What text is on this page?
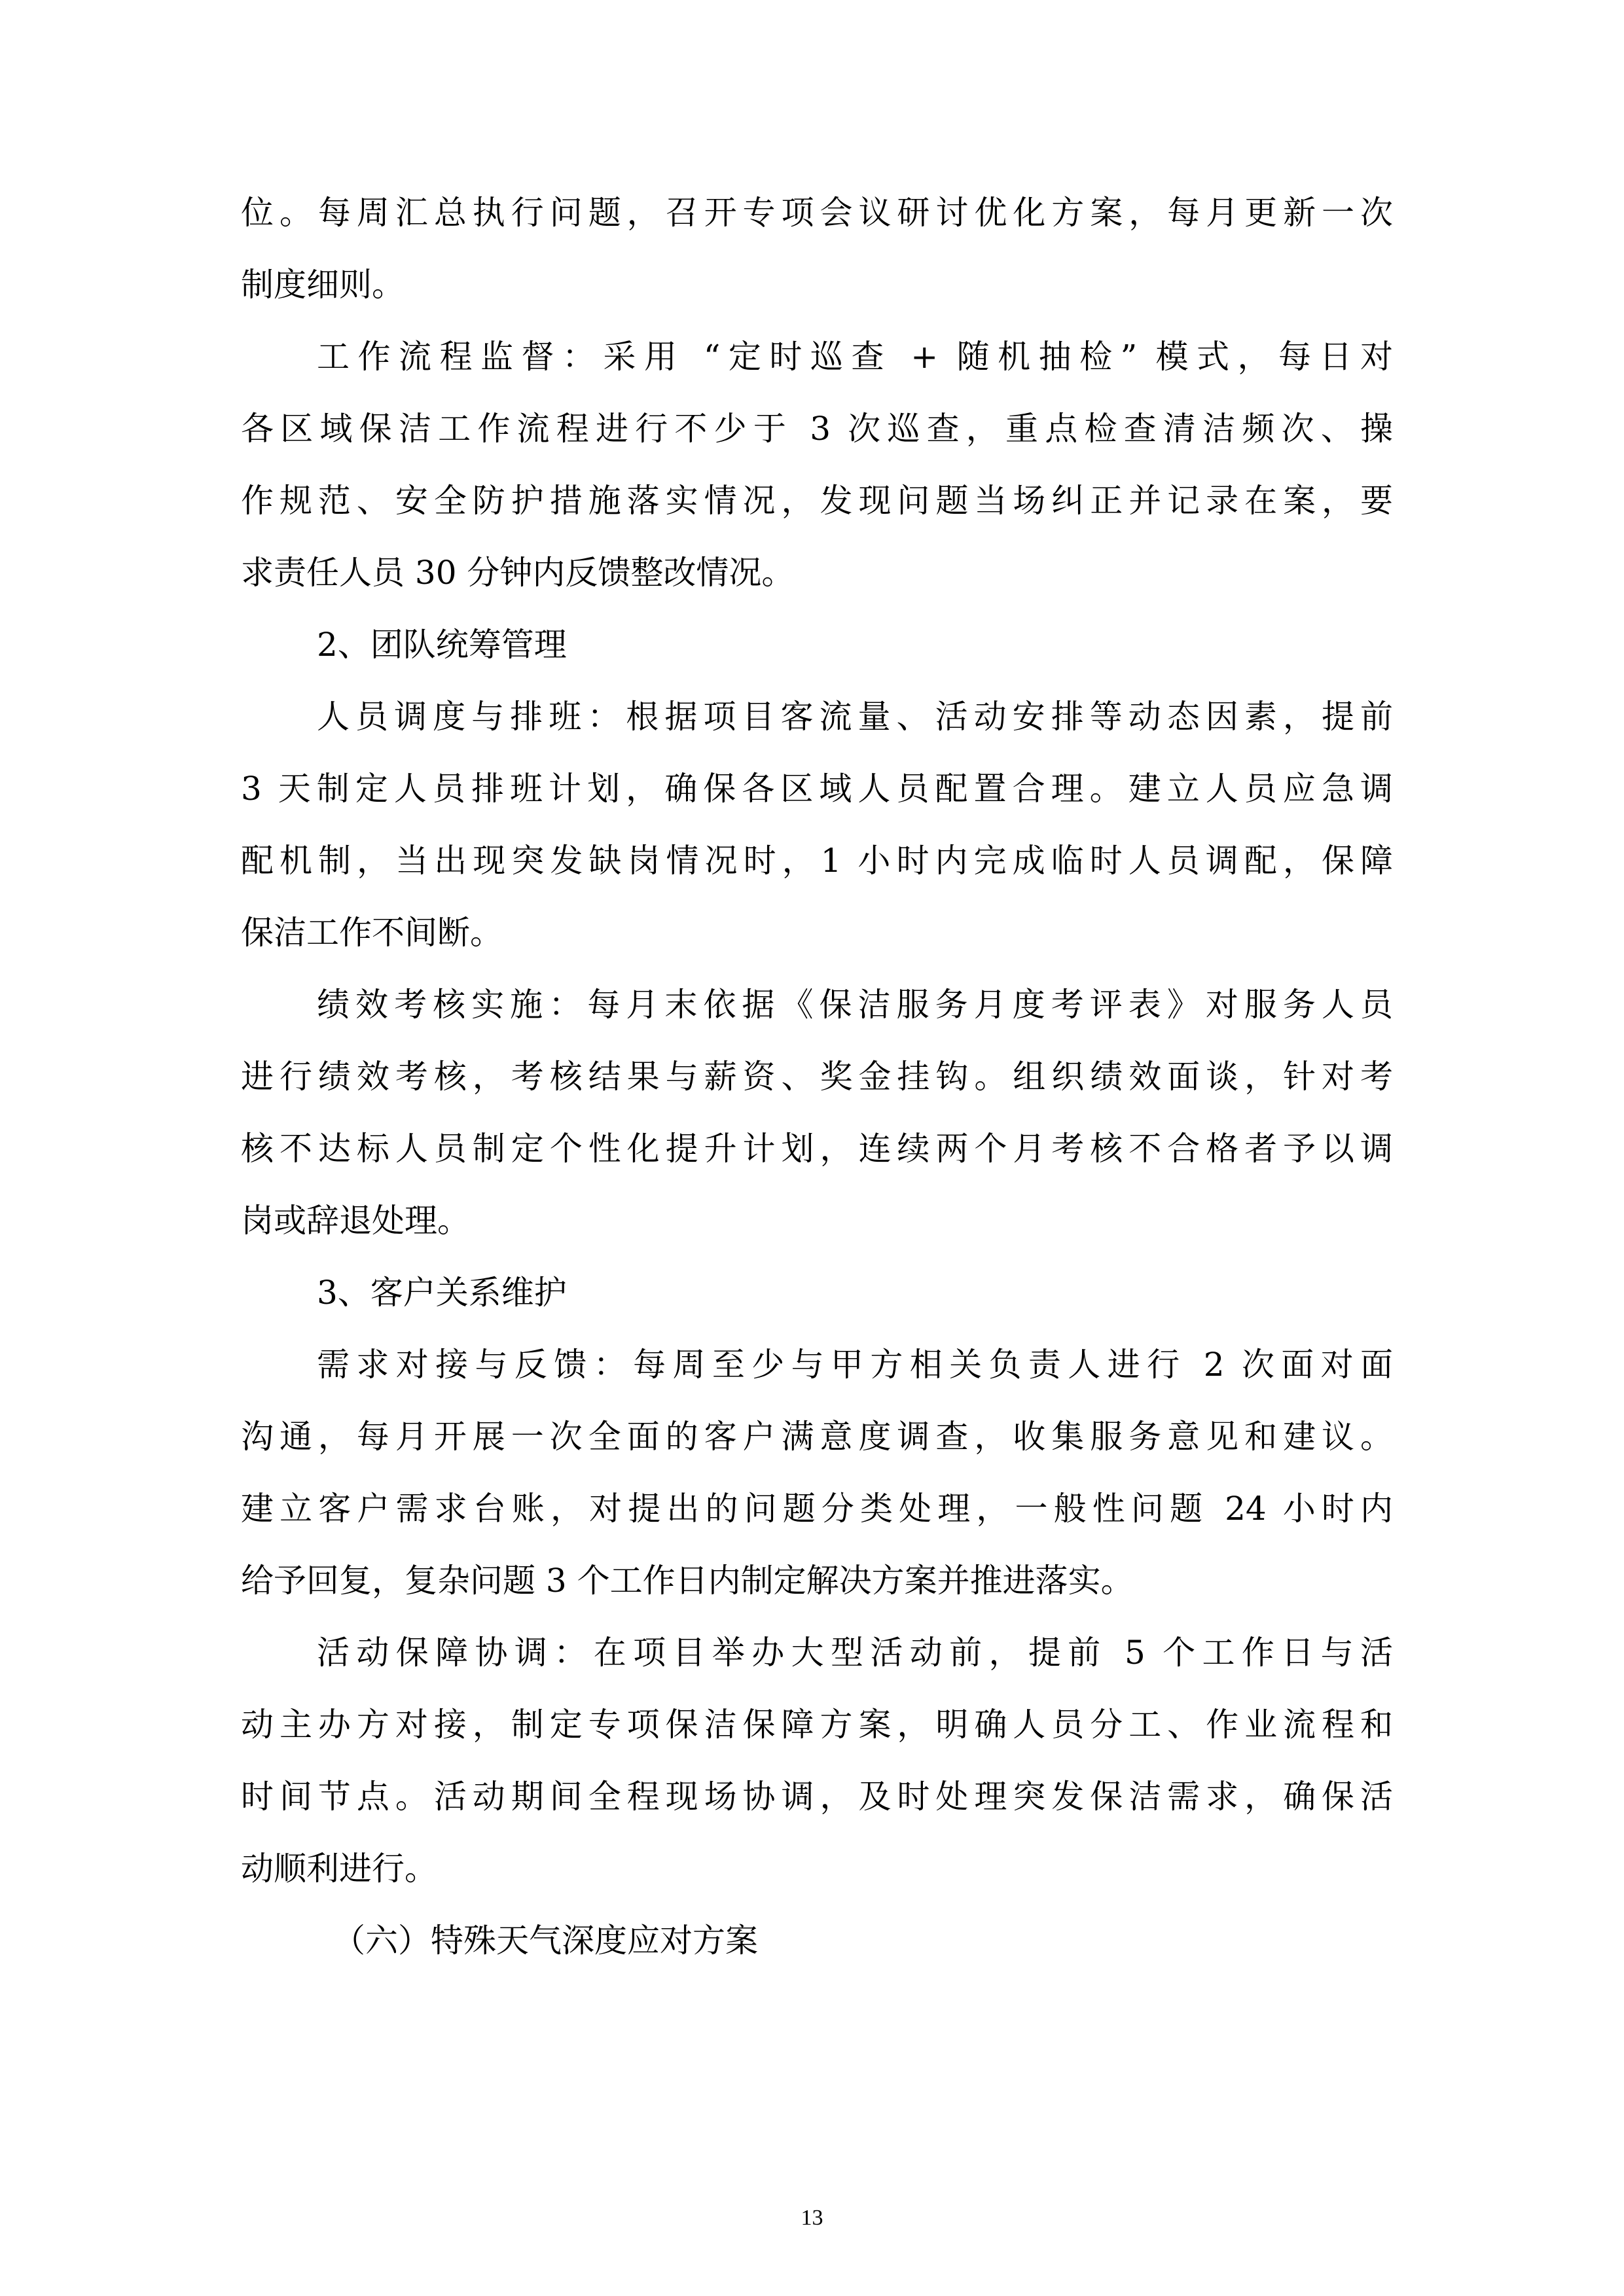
位。每周汇总执行问题，召开专项会议研讨优化方案，每月更新一次
制度细则。
工作流程监督：采用 “定时巡查 + 随机抽检” 模式，每日对
各区域保洁工作流程进行不少于 3 次巡查，重点检查清洁频次、操
作规范、安全防护措施落实情况，发现问题当场纠正并记录在案，要
求责任人员 30 分钟内反馈整改情况。
2、团队统筹管理
人员调度与排班：根据项目客流量、活动安排等动态因素，提前
3 天制定人员排班计划，确保各区域人员配置合理。建立人员应急调
配机制，当出现突发缺岗情况时，1 小时内完成临时人员调配，保障
保洁工作不间断。
绩效考核实施：每月末依据《保洁服务月度考评表》对服务人员
进行绩效考核，考核结果与薪资、奖金挂钩。组织绩效面谈，针对考
核不达标人员制定个性化提升计划，连续两个月考核不合格者予以调
岗或辞退处理。
3、客户关系维护
需求对接与反馈：每周至少与甲方相关负责人进行 2 次面对面
沟通，每月开展一次全面的客户满意度调查，收集服务意见和建议。
建立客户需求台账，对提出的问题分类处理，一般性问题 24 小时内
给予回复，复杂问题 3 个工作日内制定解决方案并推进落实。
活动保障协调：在项目举办大型活动前，提前 5 个工作日与活
动主办方对接，制定专项保洁保障方案，明确人员分工、作业流程和
时间节点。活动期间全程现场协调，及时处理突发保洁需求，确保活
动顺利进行。
（六）特殊天气深度应对方案
13
